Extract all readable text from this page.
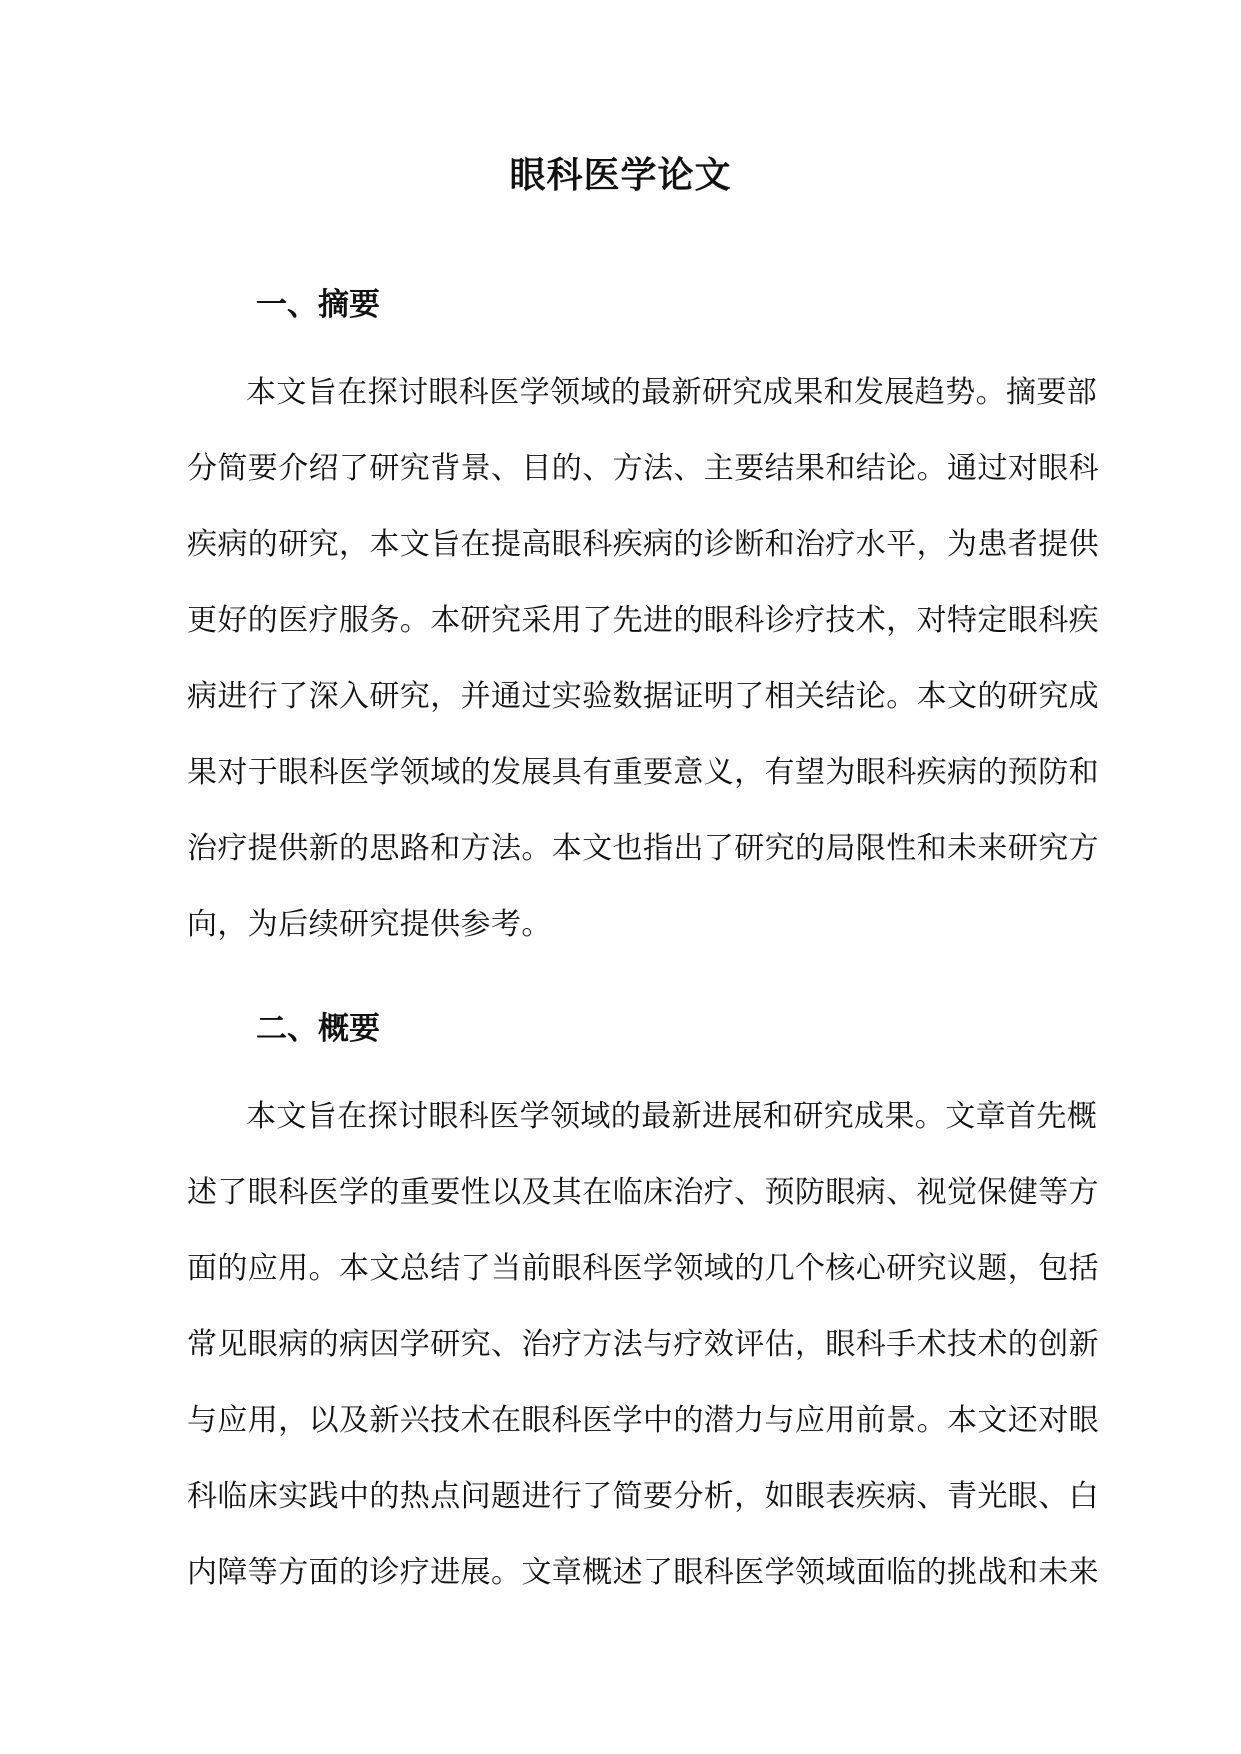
眼科医学论文
一、摘要
本文旨在探讨眼科医学领域的最新研究成果和发展趋势。摘要部
分简要介绍了研究背景、目的、方法、主要结果和结论。通过对眼科
疾病的研究，本文旨在提高眼科疾病的诊断和治疗水平，为患者提供
更好的医疗服务。本研究采用了先进的眼科诊疗技术，对特定眼科疾
病进行了深入研究，并通过实验数据证明了相关结论。本文的研究成
果对于眼科医学领域的发展具有重要意义，有望为眼科疾病的预防和
治疗提供新的思路和方法。本文也指出了研究的局限性和未来研究方
向，为后续研究提供参考。
二、概要
本文旨在探讨眼科医学领域的最新进展和研究成果。文章首先概
述了眼科医学的重要性以及其在临床治疗、预防眼病、视觉保健等方
面的应用。本文总结了当前眼科医学领域的几个核心研究议题，包括
常见眼病的病因学研究、治疗方法与疗效评估，眼科手术技术的创新
与应用，以及新兴技术在眼科医学中的潜力与应用前景。本文还对眼
科临床实践中的热点问题进行了简要分析，如眼表疾病、青光眼、白
内障等方面的诊疗进展。文章概述了眼科医学领域面临的挑战和未来
